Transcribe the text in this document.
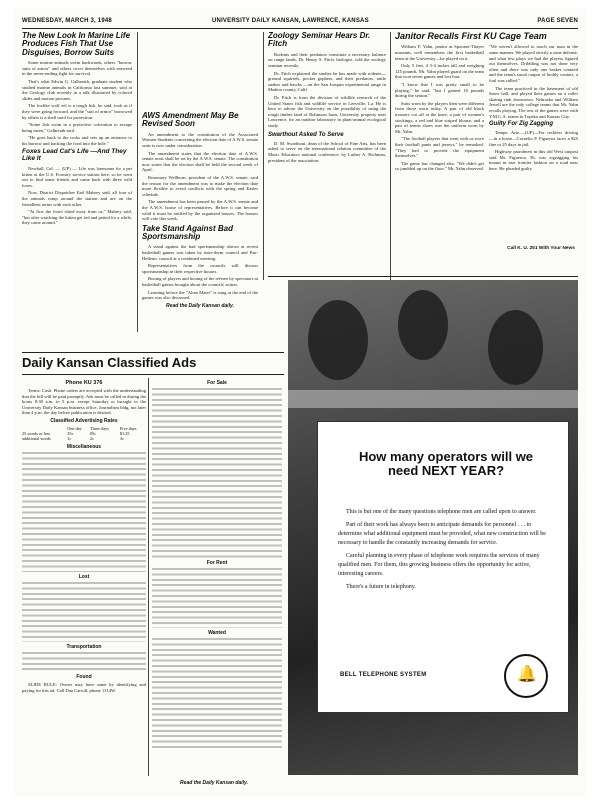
WEDNESDAY, MARCH 3, 1948	UNIVERSITY DAILY KANSAN, LAWRENCE, KANSAS	PAGE SEVEN
The New Look In Marine Life Produces Fish That Use Disguises, Borrow Suits

Some marine animals swim backwards, others "borrow suits of armor" and others cover themselves with seaweed in the never-ending fight for survival.

That's what Edwin G. Galbreath, graduate student who studied marine animals in California last summer, said at the Geology club recently in a talk illustrated by colored slides and motion pictures.

The foxlike wolf eel is a tough fish, he said, took as if they were going forward, and the "suit of armor" borrowed by others is a shell used for protection.

"Some fish swim in a protective coloration to escape being eaten," Galbreath said.

"He goes back to the rocks and sets up an entrance to his burrow and backing the food into the hole."

Foxes Lead Cat's Life —And They Like It

Newhall, Cal. — (UP) — Life was lonesome for a pet kitten at the U.S. Forestry service station here, so he went out to find some friends and came back with three wild foxes.

Now, District Dispatcher Earl Mabrey said, all four of the animals romp around the station and are on the friendliest terms with each other.

"At first the foxes shied away from us," Mabrey said, "but after watching the kitten get fed and petted for a while, they came around."

AWS Amendment May Be Revised Soon

An amendment to the constitution of the Associated Women Students concerning the election date of A.W.S. senate seats is now under consideration.

The amendment states that the election date of A.W.S. senate seats shall be set by the A.W.S. senate. The constitution now states that the election shall be held the second week of April.

Rosemary Wellborn, president of the A.W.S. senate, said the reason for the amendment was to make the election date more flexible to avoid conflicts with the spring and Easter schedule.

The amendment has been passed by the A.W.S. senate and the A.W.S. house of representatives. Before it can become valid it must be ratified by the organized houses. The houses will vote this week.

Take Stand Against Bad Sportsmanship

A stand against the bad sportsmanship shown at recent basketball games was taken by inter-dorm council and Pan-Hellenic council at a combined meeting.

Representatives from the councils will discuss sportsmanship in their respective houses.

Booing of players and booing of the referee by spectators at basketball games brought about the councils' action.

Learning before the "Alma Mater" is sung at the end of the games was also discussed.

Read the Daily Kansan daily.
Zoology Seminar Hears Dr. Fitch

Rodents and their predators constitute a necessary balance on range lands, Dr. Henry S. Fitch, biologist, told the zoology seminar recently.

Dr. Fitch explained the studies he has made with rodents—ground squirrels, pocket gophers, and their predators, rattle snakes and hawks —on the San Joaquin experimental range in Madera county, Calif.

Dr. Fitch is from the division of wildlife research of the United States fish and wildlife service in Leesville, La. He is here to advise the University on the possibility of using the rough timber land of Robinson farm, University property near Lawrence, for an outdoor laboratory in plant-animal ecological study.

Swarthout Asked To Serve

D. M. Swarthout, dean of the School of Fine Arts, has been asked to serve on the international relation committee of the Music Educators national conference, by Luther A. Richman, president of the association.

Janitor Recalls First KU Cage Team

William F. Yahn, janitor at Spooner-Thayer museum, well remembers the first basketball team at the University—he played on it.

Only 5 feet, 4 3-4 inches tall and weighing 125 pounds, Mr. Yahn played guard on the team that won seven games and lost four.

"I know that I was pretty small to be playing," he said, "but I gained 10 pounds during the season."

Suits worn by the players then were different from those worn today. A pair of old black trousers cut off at the knee, a pair of women's stockings, a red and blue striped blouse, and a pair of tennis shoes was the uniform worn by Mr. Yahn.

"The football players that went with us wore their football pants and jerseys," he remarked. "They had to provide the equipment themselves."

The game has changed also. "We didn't get so jumbled up on the floor," Mr. Yahn observed. "We weren't allowed to touch our man in the same manner. We played strictly a zone defense, and what few plays we had the players figured out themselves. Dribbling was not done very often and there was only one basket counted and the team's usual output of bodily contact, a foul was called."

The team practiced in the basement of old Snow hall, and played their games on a roller skating rink downtown. Nebraska and William Jewell are the only college teams that Mr. Yahn recalls playing. The rest of the games were with Y.M.C.A. teams in Topeka and Kansas City.

Guilty For Zig Zagging

Tempe, Ariz.—(UP)—For reckless driving—in a horse—Cornelio P. Figueroa faces a $25 fine or 25 days in jail.

Highway patrolmen in this old West outpost said Mr. Figueroa, 36, was zigzagging his mount in true frontier fashion on a road near here. He pleaded guilty.

Call K. U. 251 With Your News
Daily Kansan Classified Ads
Phone KU 376

Terms: Cash. Phone orders are accepted with the understanding that the bill will be paid promptly. Ads must be called in during the hours 8:30 a.m. to 5 p.m. except Saturday or brought to the University Daily Kansan business office, Journalism bldg, not later than 4 p.m. the day before publication is desired.

Classified Advertising Rates
	One day	Three days	Five days
25 words or less	35c	85c	$1.25
additional words	1c	2c	3c
Miscellaneous
Lost
Transportation
Found

SLIDE RULE: Owner may have same by identifying and paying for this ad. Call Dan Carroll, phone 1314W.

For Sale
For Rent
Wanted
Read the Daily Kansan daily.
How many operators will we need NEXT YEAR?

This is but one of the many questions telephone men are called upon to answer.

Part of their work has always been to anticipate demands for personnel . . . to determine what additional equipment must be provided, what new construction will be necessary to handle the constantly increasing demands for service.

Careful planning in every phase of telephone work requires the services of many qualified men. For them, this growing business offers the opportunity for active, interesting careers.

There's a future in telephony.

BELL TELEPHONE SYSTEM	🔔
